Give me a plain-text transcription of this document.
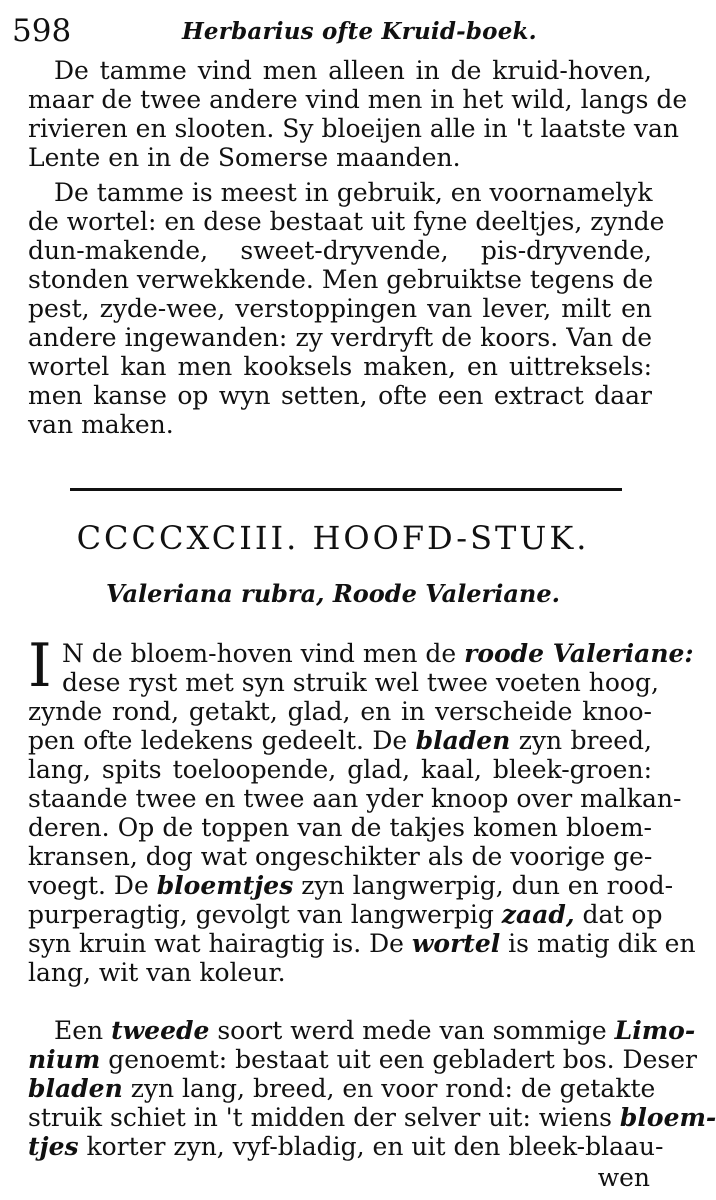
598	Herbarius ofte Kruid-boek.
De tamme vind men alleen in de kruid-hoven,
maar de twee andere vind men in het wild, langs de
rivieren en slooten. Sy bloeijen alle in 't laatste van
Lente en in de Somerse maanden.
De tamme is meest in gebruik, en voornamelyk
de wortel: en dese bestaat uit fyne deeltjes, zynde
dun-makende, sweet-dryvende, pis-dryvende,
stonden verwekkende. Men gebruiktse tegens de
pest, zyde-wee, verstoppingen van lever, milt en
andere ingewanden: zy verdryft de koors. Van de
wortel kan men kooksels maken, en uittreksels:
men kanse op wyn setten, ofte een extract daar
van maken.
CCCCXCIII. HOOFD-STUK.
Valeriana rubra, Roode Valeriane.
I N de bloem-hoven vind men de roode Valeriane:
dese ryst met syn struik wel twee voeten hoog,
zynde rond, getakt, glad, en in verscheide knoo-
pen ofte ledekens gedeelt. De bladen zyn breed,
lang, spits toeloopende, glad, kaal, bleek-groen:
staande twee en twee aan yder knoop over malkan-
deren. Op de toppen van de takjes komen bloem-
kransen, dog wat ongeschikter als de voorige ge-
voegt. De bloemtjes zyn langwerpig, dun en rood-
purperagtig, gevolgt van langwerpig zaad, dat op
syn kruin wat hairagtig is. De wortel is matig dik en
lang, wit van koleur.
Een tweede soort werd mede van sommige Limo-
nium genoemt: bestaat uit een gebladert bos. Deser
bladen zyn lang, breed, en voor rond: de getakte
struik schiet in 't midden der selver uit: wiens bloem-
tjes korter zyn, vyf-bladig, en uit den bleek-blaau-
wen
